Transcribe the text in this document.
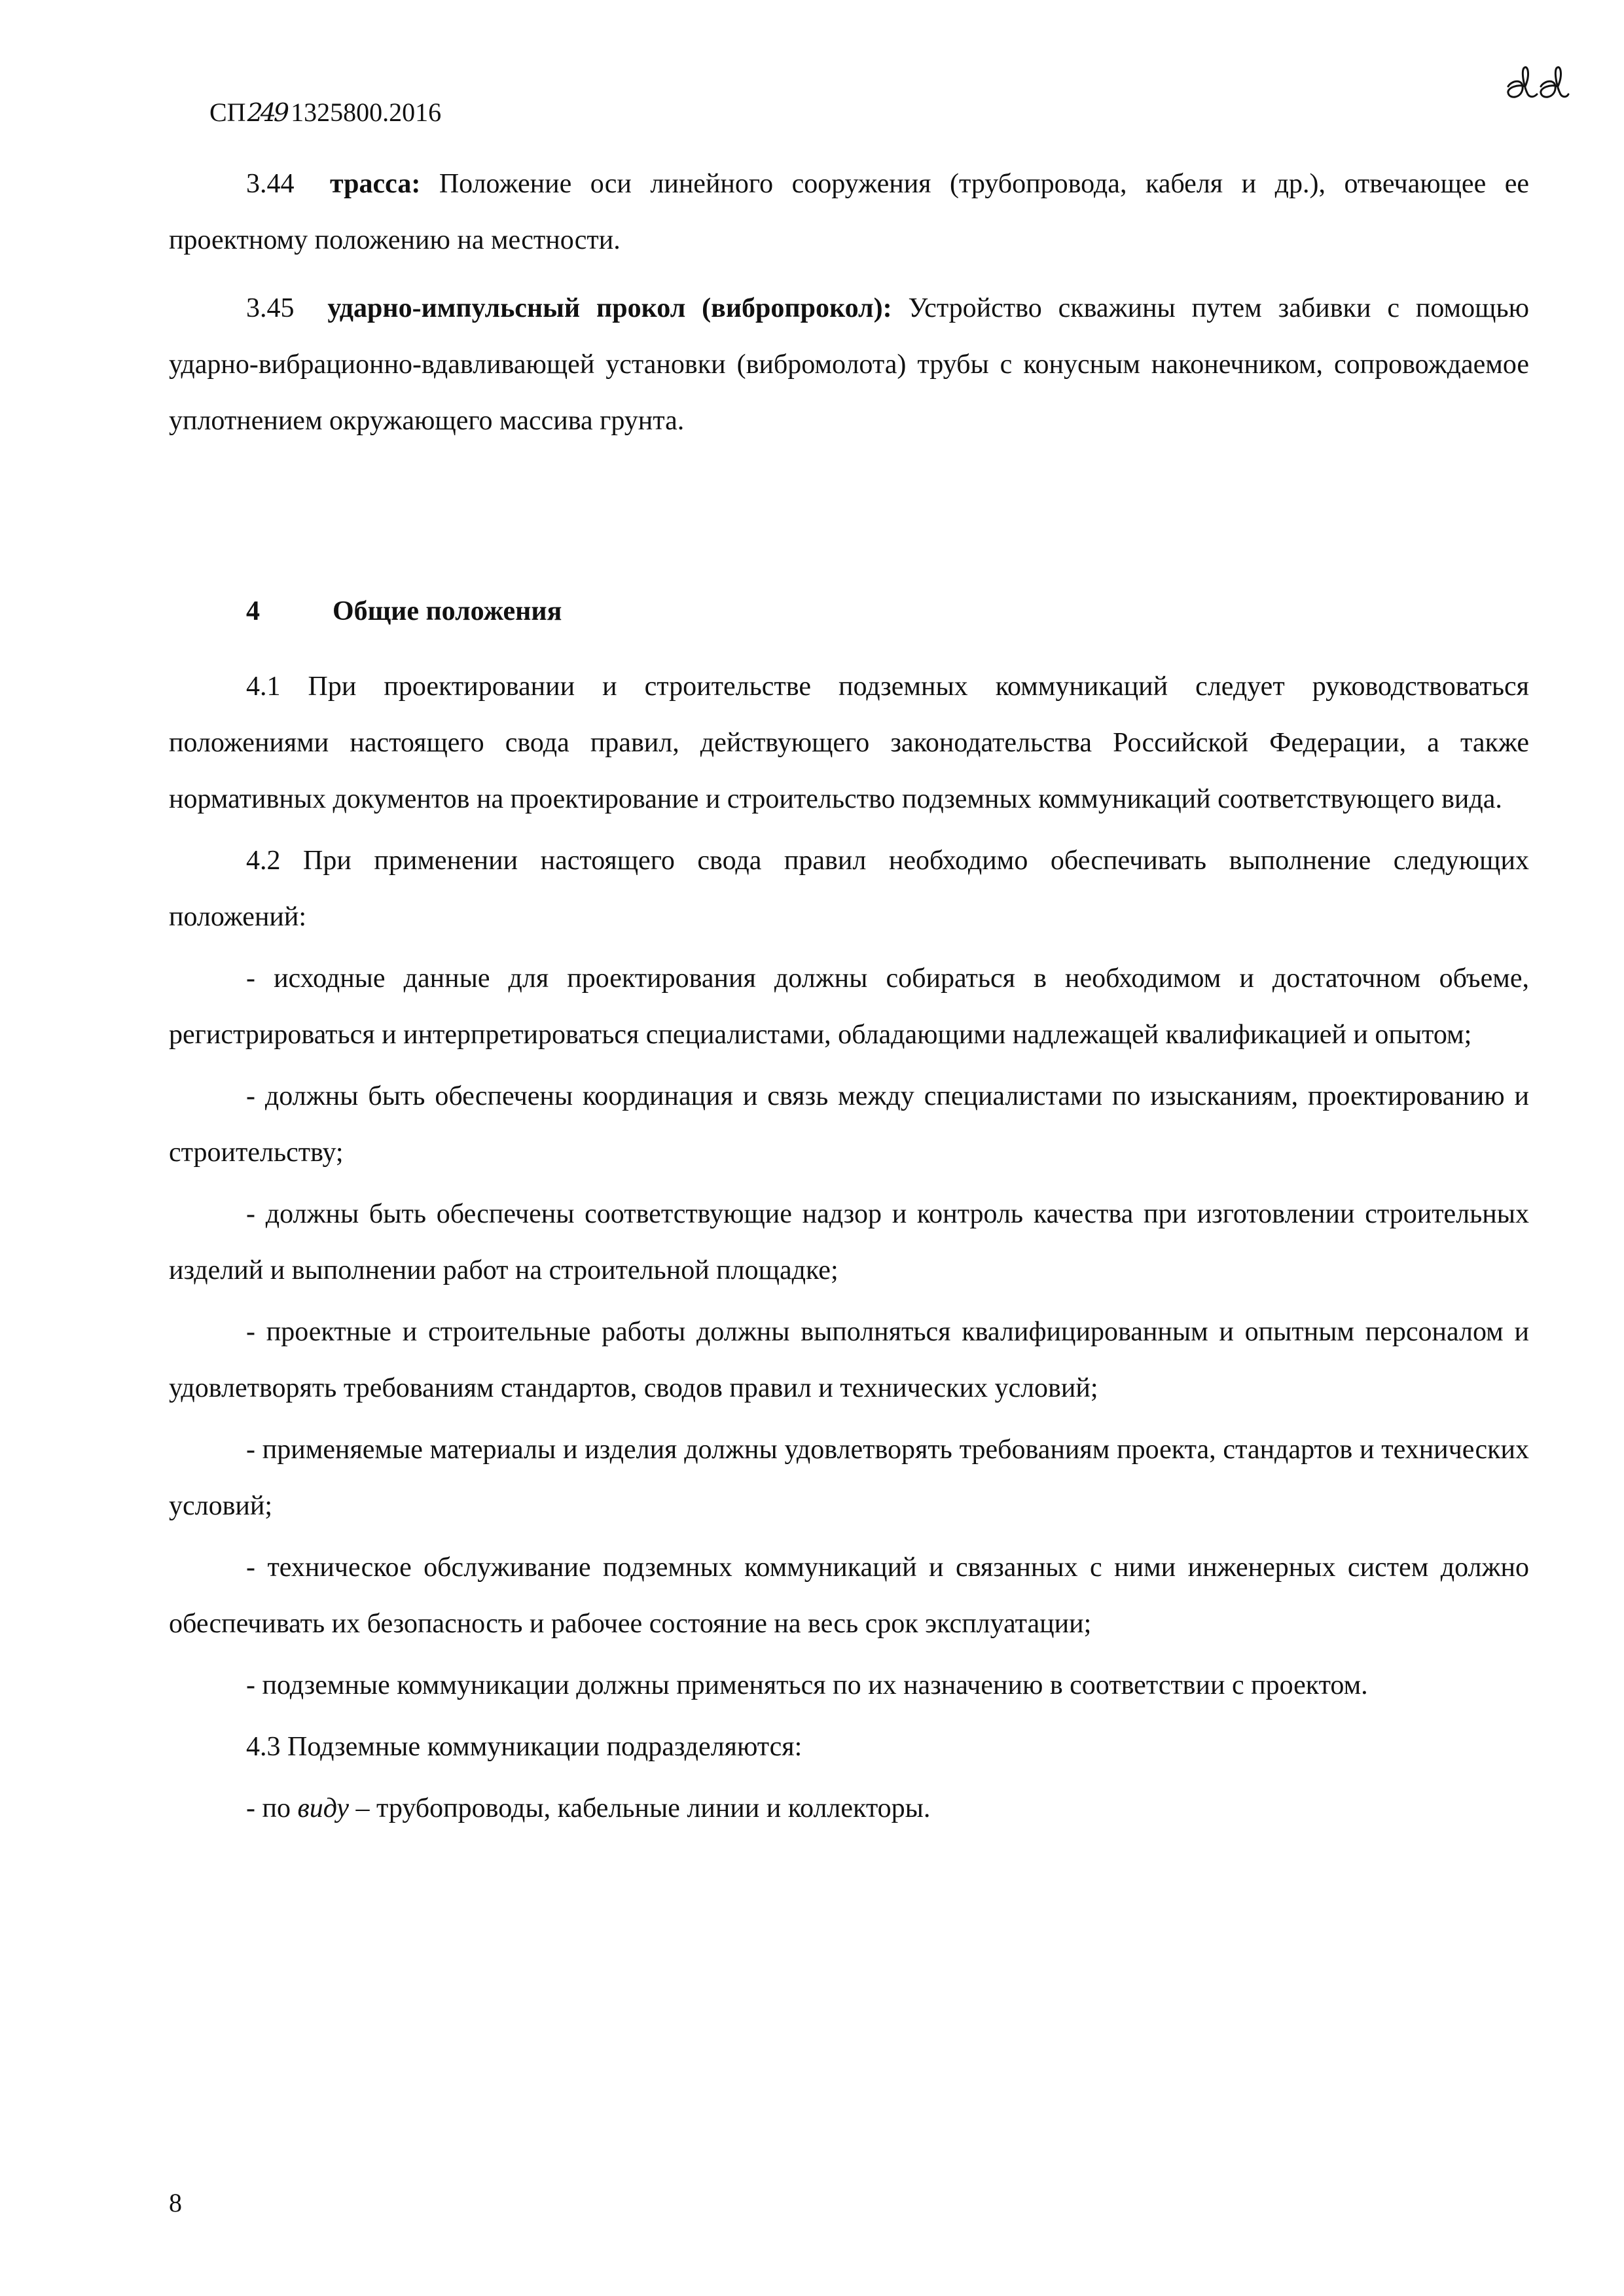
СП249 1325800.2016

3.44 трасса: Положение оси линейного сооружения (трубопровода, кабеля и др.), отвечающее ее проектному положению на местности.

3.45 ударно-импульсный прокол (вибропрокол): Устройство скважины путем забивки с помощью ударно-вибрационно-вдавливающей установки (вибромолота) трубы с конусным наконечником, сопровождаемое уплотнением окружающего массива грунта.

4	Общие положения

4.1 При проектировании и строительстве подземных коммуникаций следует руководствоваться положениями настоящего свода правил, действующего законодательства Российской Федерации, а также нормативных документов на проектирование и строительство подземных коммуникаций соответствующего вида.

4.2 При применении настоящего свода правил необходимо обеспечивать выполнение следующих положений:

- исходные данные для проектирования должны собираться в необходимом и достаточном объеме, регистрироваться и интерпретироваться специалистами, обладающими надлежащей квалификацией и опытом;

- должны быть обеспечены координация и связь между специалистами по изысканиям, проектированию и строительству;

- должны быть обеспечены соответствующие надзор и контроль качества при изготовлении строительных изделий и выполнении работ на строительной площадке;

- проектные и строительные работы должны выполняться квалифицированным и опытным персоналом и удовлетворять требованиям стандартов, сводов правил и технических условий;

- применяемые материалы и изделия должны удовлетворять требованиям проекта, стандартов и технических условий;

- техническое обслуживание подземных коммуникаций и связанных с ними инженерных систем должно обеспечивать их безопасность и рабочее состояние на весь срок эксплуатации;

- подземные коммуникации должны применяться по их назначению в соответствии с проектом.

4.3 Подземные коммуникации подразделяются:

- по виду – трубопроводы, кабельные линии и коллекторы.

8
